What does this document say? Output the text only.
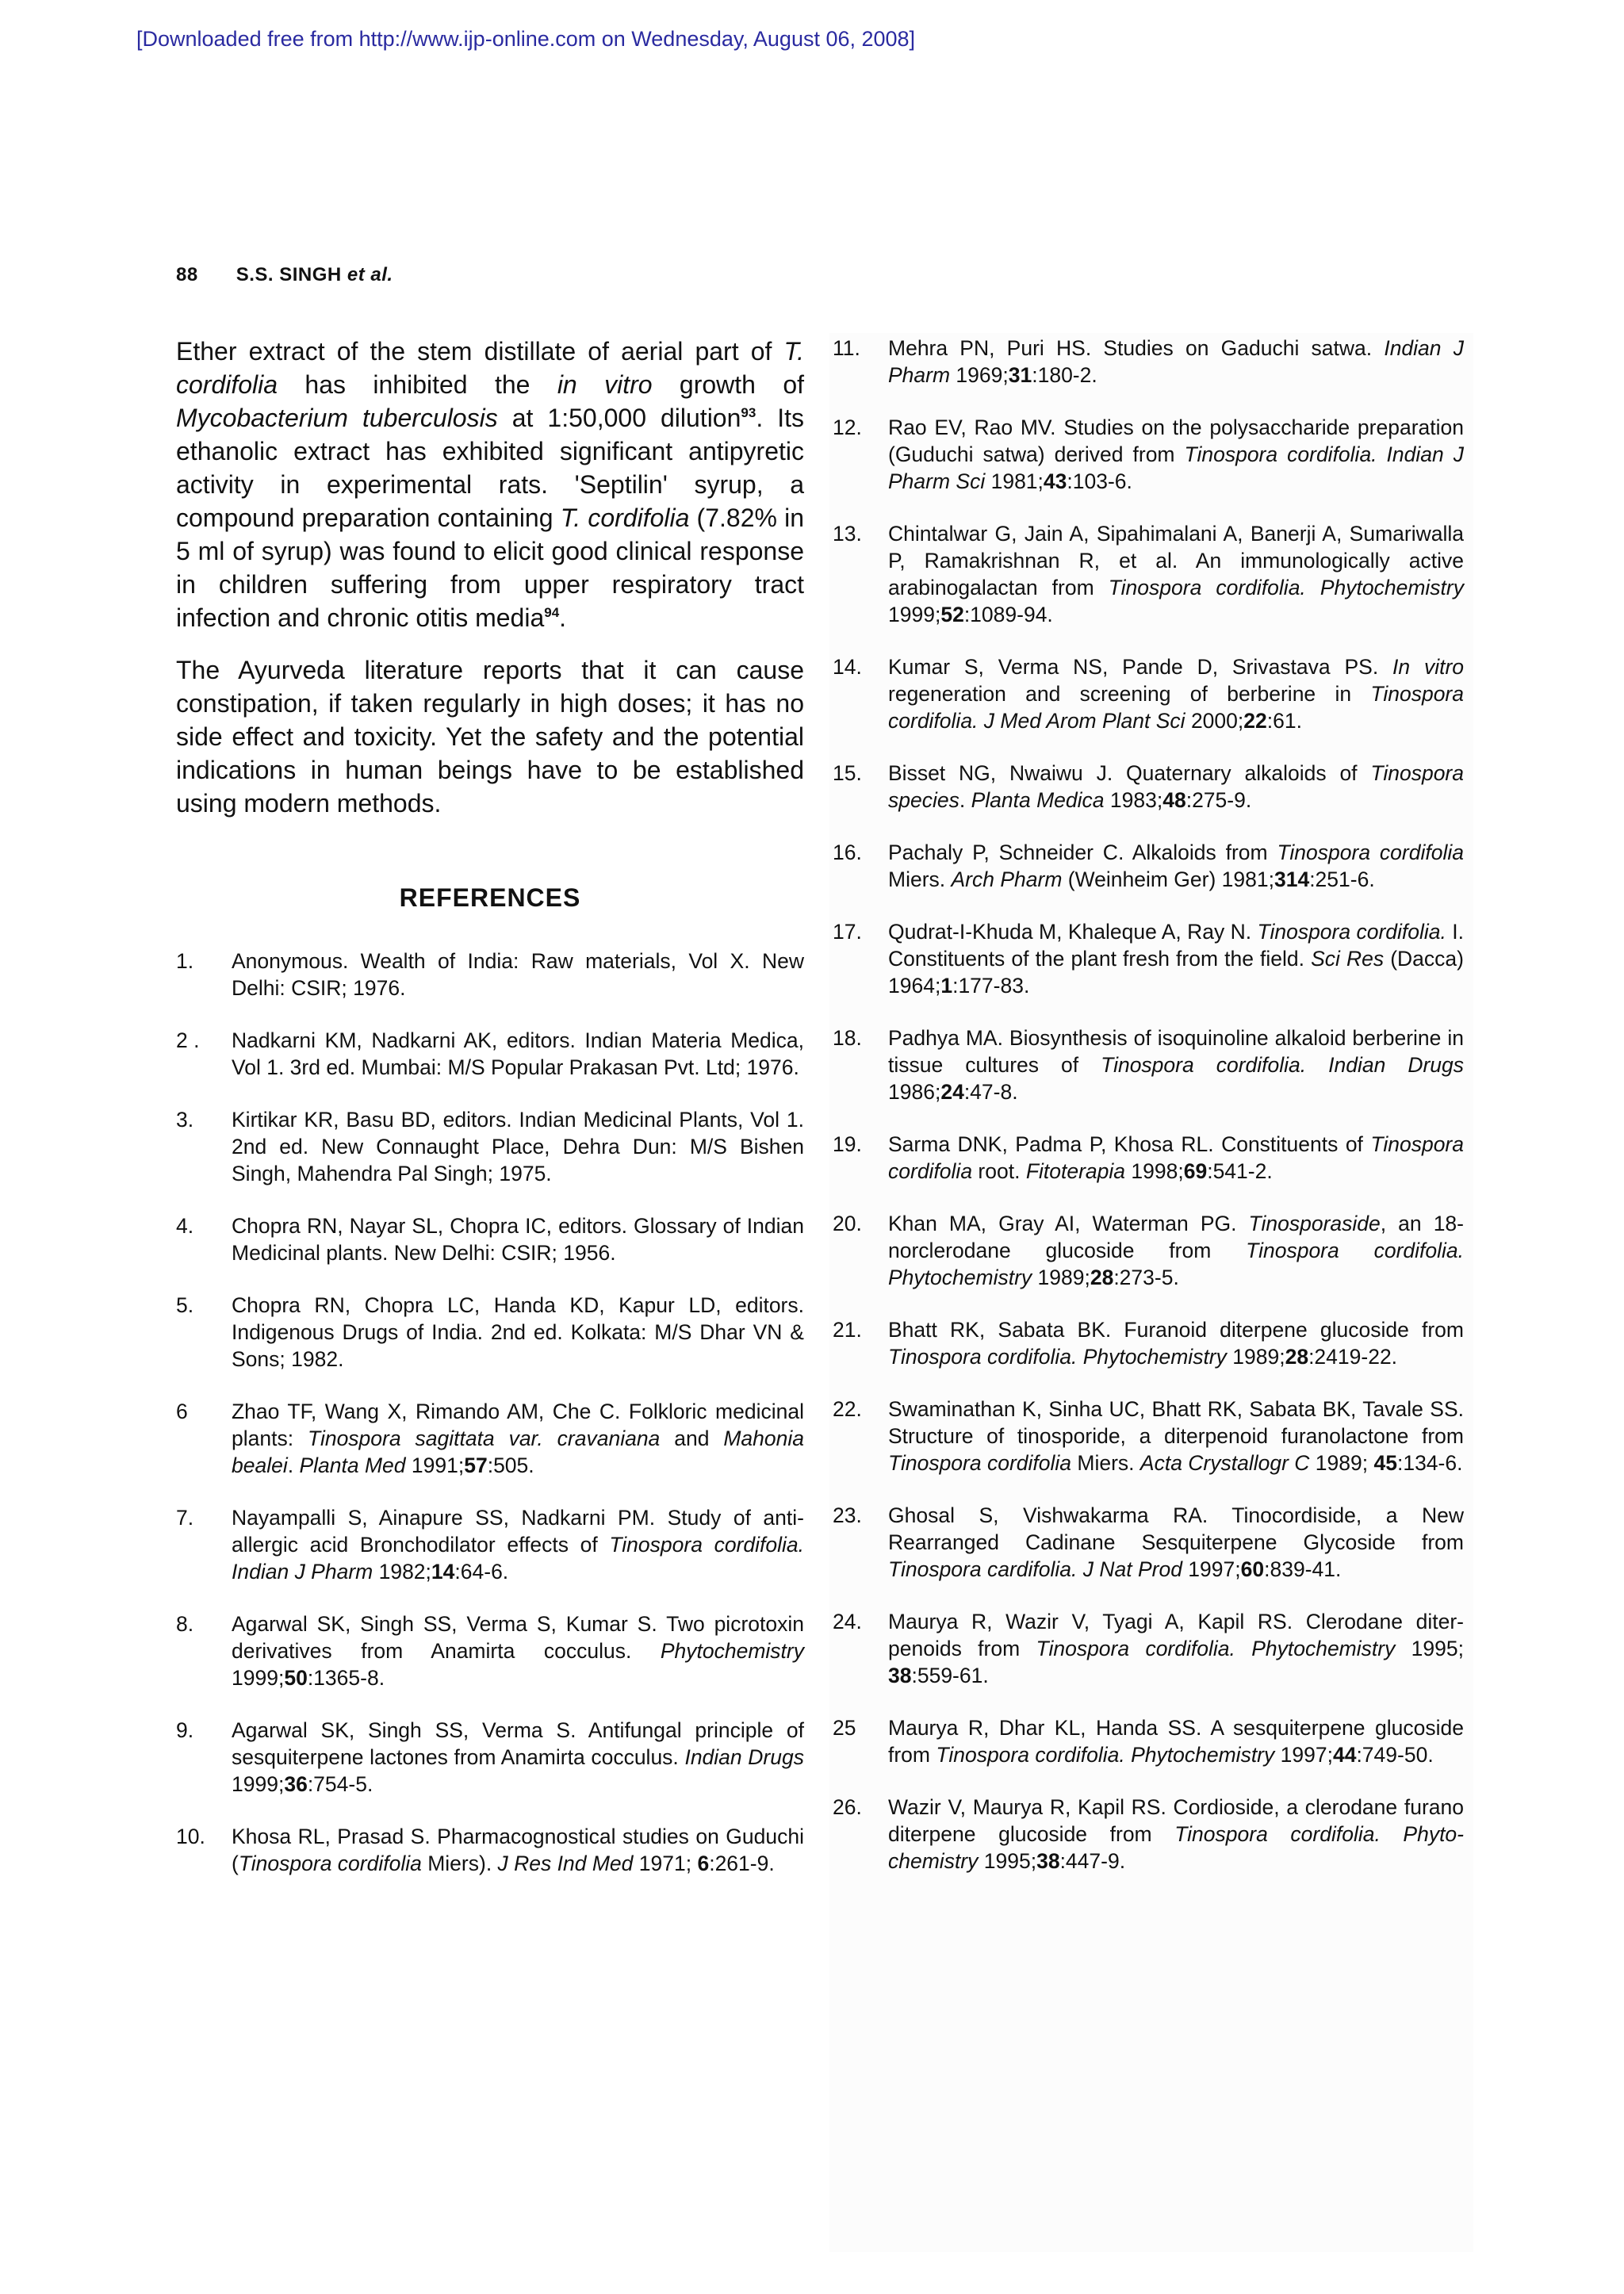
[Downloaded free from http://www.ijp-online.com on Wednesday, August 06, 2008]
88 S.S. SINGH et al.

Ether extract of the stem distillate of aerial part of T. cordifolia has inhibited the in vitro growth of Mycobacterium tuberculosis at 1:50,000 dilution$^{93}$. Its ethanolic extract has exhibited significant antipyretic activity in experimental rats. 'Septilin' syrup, a compound preparation containing T. cordifolia (7.82% in 5 ml of syrup) was found to elicit good clinical response in children suffering from upper respiratory tract infection and chronic otitis media$^{94}$.

The Ayurveda literature reports that it can cause constipation, if taken regularly in high doses; it has no side effect and toxicity. Yet the safety and the potential indications in human beings have to be established using modern methods.

REFERENCES
1.	Anonymous. Wealth of India: Raw materials, Vol X. New Delhi: CSIR; 1976.
2 .	Nadkarni KM, Nadkarni AK, editors. Indian Materia Medica, Vol 1. 3rd ed. Mumbai: M/S Popular Prakasan Pvt. Ltd; 1976.
3.	Kirtikar KR, Basu BD, editors. Indian Medicinal Plants, Vol 1. 2nd ed. New Connaught Place, Dehra Dun: M/S Bishen Singh, Mahendra Pal Singh; 1975.
4.	Chopra RN, Nayar SL, Chopra IC, editors. Glossary of Indian Medicinal plants. New Delhi: CSIR; 1956.
5.	Chopra RN, Chopra LC, Handa KD, Kapur LD, editors. Indigenous Drugs of India. 2nd ed. Kolkata: M/S Dhar VN & Sons; 1982.
6	Zhao TF, Wang X, Rimando AM, Che C. Folkloric medicinal plants: Tinospora sagittata var. cravaniana and Mahonia bealei. Planta Med 1991;57:505.
7.	Nayampalli S, Ainapure SS, Nadkarni PM. Study of anti-allergic acid Bronchodilator effects of Tinospora cordifolia. Indian J Pharm 1982;14:64-6.
8.	Agarwal SK, Singh SS, Verma S, Kumar S. Two picrotoxin derivatives from Anamirta cocculus. Phytochemistry 1999;50:1365-8.
9.	Agarwal SK, Singh SS, Verma S. Antifungal principle of sesquiterpene lactones from Anamirta cocculus. Indian Drugs 1999;36:754-5.
10.	Khosa RL, Prasad S. Pharmacognostical studies on Guduchi (Tinospora cordifolia Miers). J Res Ind Med 1971; 6:261-9.
11.	Mehra PN, Puri HS. Studies on Gaduchi satwa. Indian J Pharm 1969;31:180-2.
12.	Rao EV, Rao MV. Studies on the polysaccharide preparation (Guduchi satwa) derived from Tinospora cordifolia. Indian J Pharm Sci 1981;43:103-6.
13.	Chintalwar G, Jain A, Sipahimalani A, Banerji A, Sumariwalla P, Ramakrishnan R, et al. An immunologically active arabinogalactan from Tinospora cordifolia. Phytochemistry 1999;52:1089-94.
14.	Kumar S, Verma NS, Pande D, Srivastava PS. In vitro regeneration and screening of berberine in Tinospora cordifolia. J Med Arom Plant Sci 2000;22:61.
15.	Bisset NG, Nwaiwu J. Quaternary alkaloids of Tinospora species. Planta Medica 1983;48:275-9.
16.	Pachaly P, Schneider C. Alkaloids from Tinospora cordifolia Miers. Arch Pharm (Weinheim Ger) 1981;314:251-6.
17.	Qudrat-I-Khuda M, Khaleque A, Ray N. Tinospora cordifolia. I. Constituents of the plant fresh from the field. Sci Res (Dacca) 1964;1:177-83.
18.	Padhya MA. Biosynthesis of isoquinoline alkaloid berberine in tissue cultures of Tinospora cordifolia. Indian Drugs 1986;24:47-8.
19.	Sarma DNK, Padma P, Khosa RL. Constituents of Tinospora cordifolia root. Fitoterapia 1998;69:541-2.
20.	Khan MA, Gray AI, Waterman PG. Tinosporaside, an 18-norclerodane glucoside from Tinospora cordifolia. Phytochemistry 1989;28:273-5.
21.	Bhatt RK, Sabata BK. Furanoid diterpene glucoside from Tinospora cordifolia. Phytochemistry 1989;28:2419-22.
22.	Swaminathan K, Sinha UC, Bhatt RK, Sabata BK, Tavale SS. Structure of tinosporide, a diterpenoid furanolactone from Tinospora cordifolia Miers. Acta Crystallogr C 1989; 45:134-6.
23.	Ghosal S, Vishwakarma RA. Tinocordiside, a New Rearranged Cadinane Sesquiterpene Glycoside from Tinospora cardifolia. J Nat Prod 1997;60:839-41.
24.	Maurya R, Wazir V, Tyagi A, Kapil RS. Clerodane diter-penoids from Tinospora cordifolia. Phytochemistry 1995; 38:559-61.
25	Maurya R, Dhar KL, Handa SS. A sesquiterpene glucoside from Tinospora cordifolia. Phytochemistry 1997;44:749-50.
26.	Wazir V, Maurya R, Kapil RS. Cordioside, a clerodane furano diterpene glucoside from Tinospora cordifolia. Phyto-chemistry 1995;38:447-9.
